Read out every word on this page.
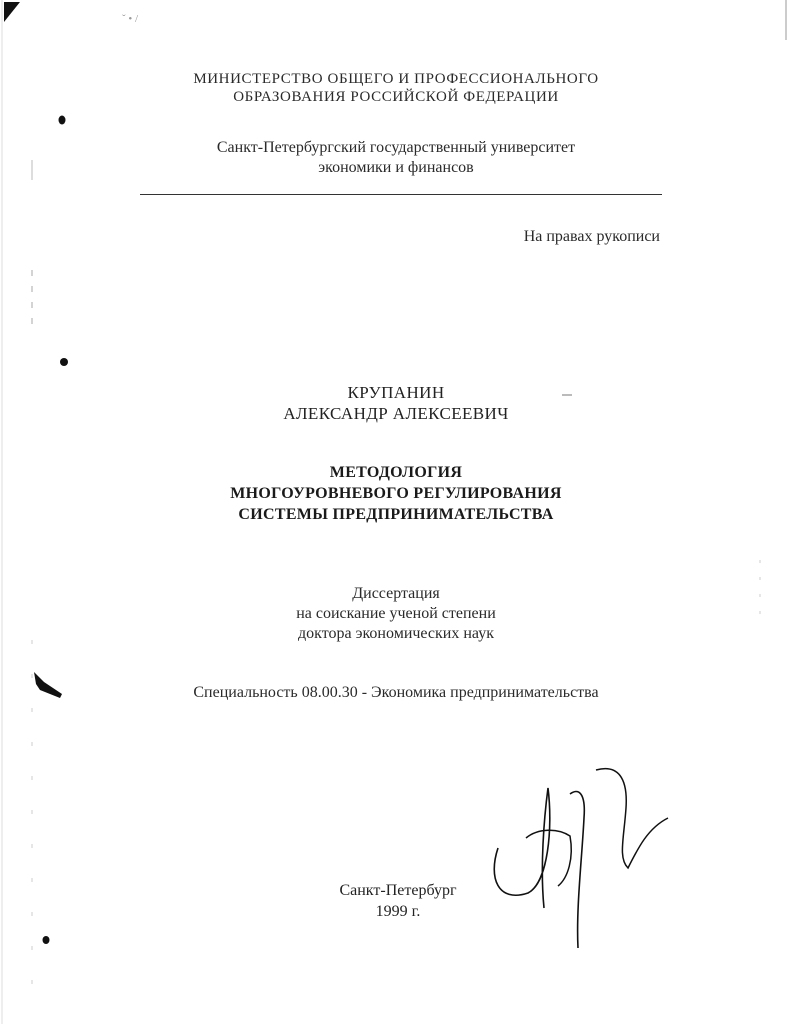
ˇ • /
МИНИСТЕРСТВО ОБЩЕГО И ПРОФЕССИОНАЛЬНОГО
ОБРАЗОВАНИЯ РОССИЙСКОЙ ФЕДЕРАЦИИ
Санкт-Петербургский государственный университет
экономики и финансов
На правах рукописи
КРУПАНИН
АЛЕКСАНДР АЛЕКСЕЕВИЧ
МЕТОДОЛОГИЯ
МНОГОУРОВНЕВОГО РЕГУЛИРОВАНИЯ
СИСТЕМЫ ПРЕДПРИНИМАТЕЛЬСТВА
Диссертация
на соискание ученой степени
доктора экономических наук
Специальность 08.00.30 - Экономика предпринимательства
Санкт-Петербург
1999 г.
